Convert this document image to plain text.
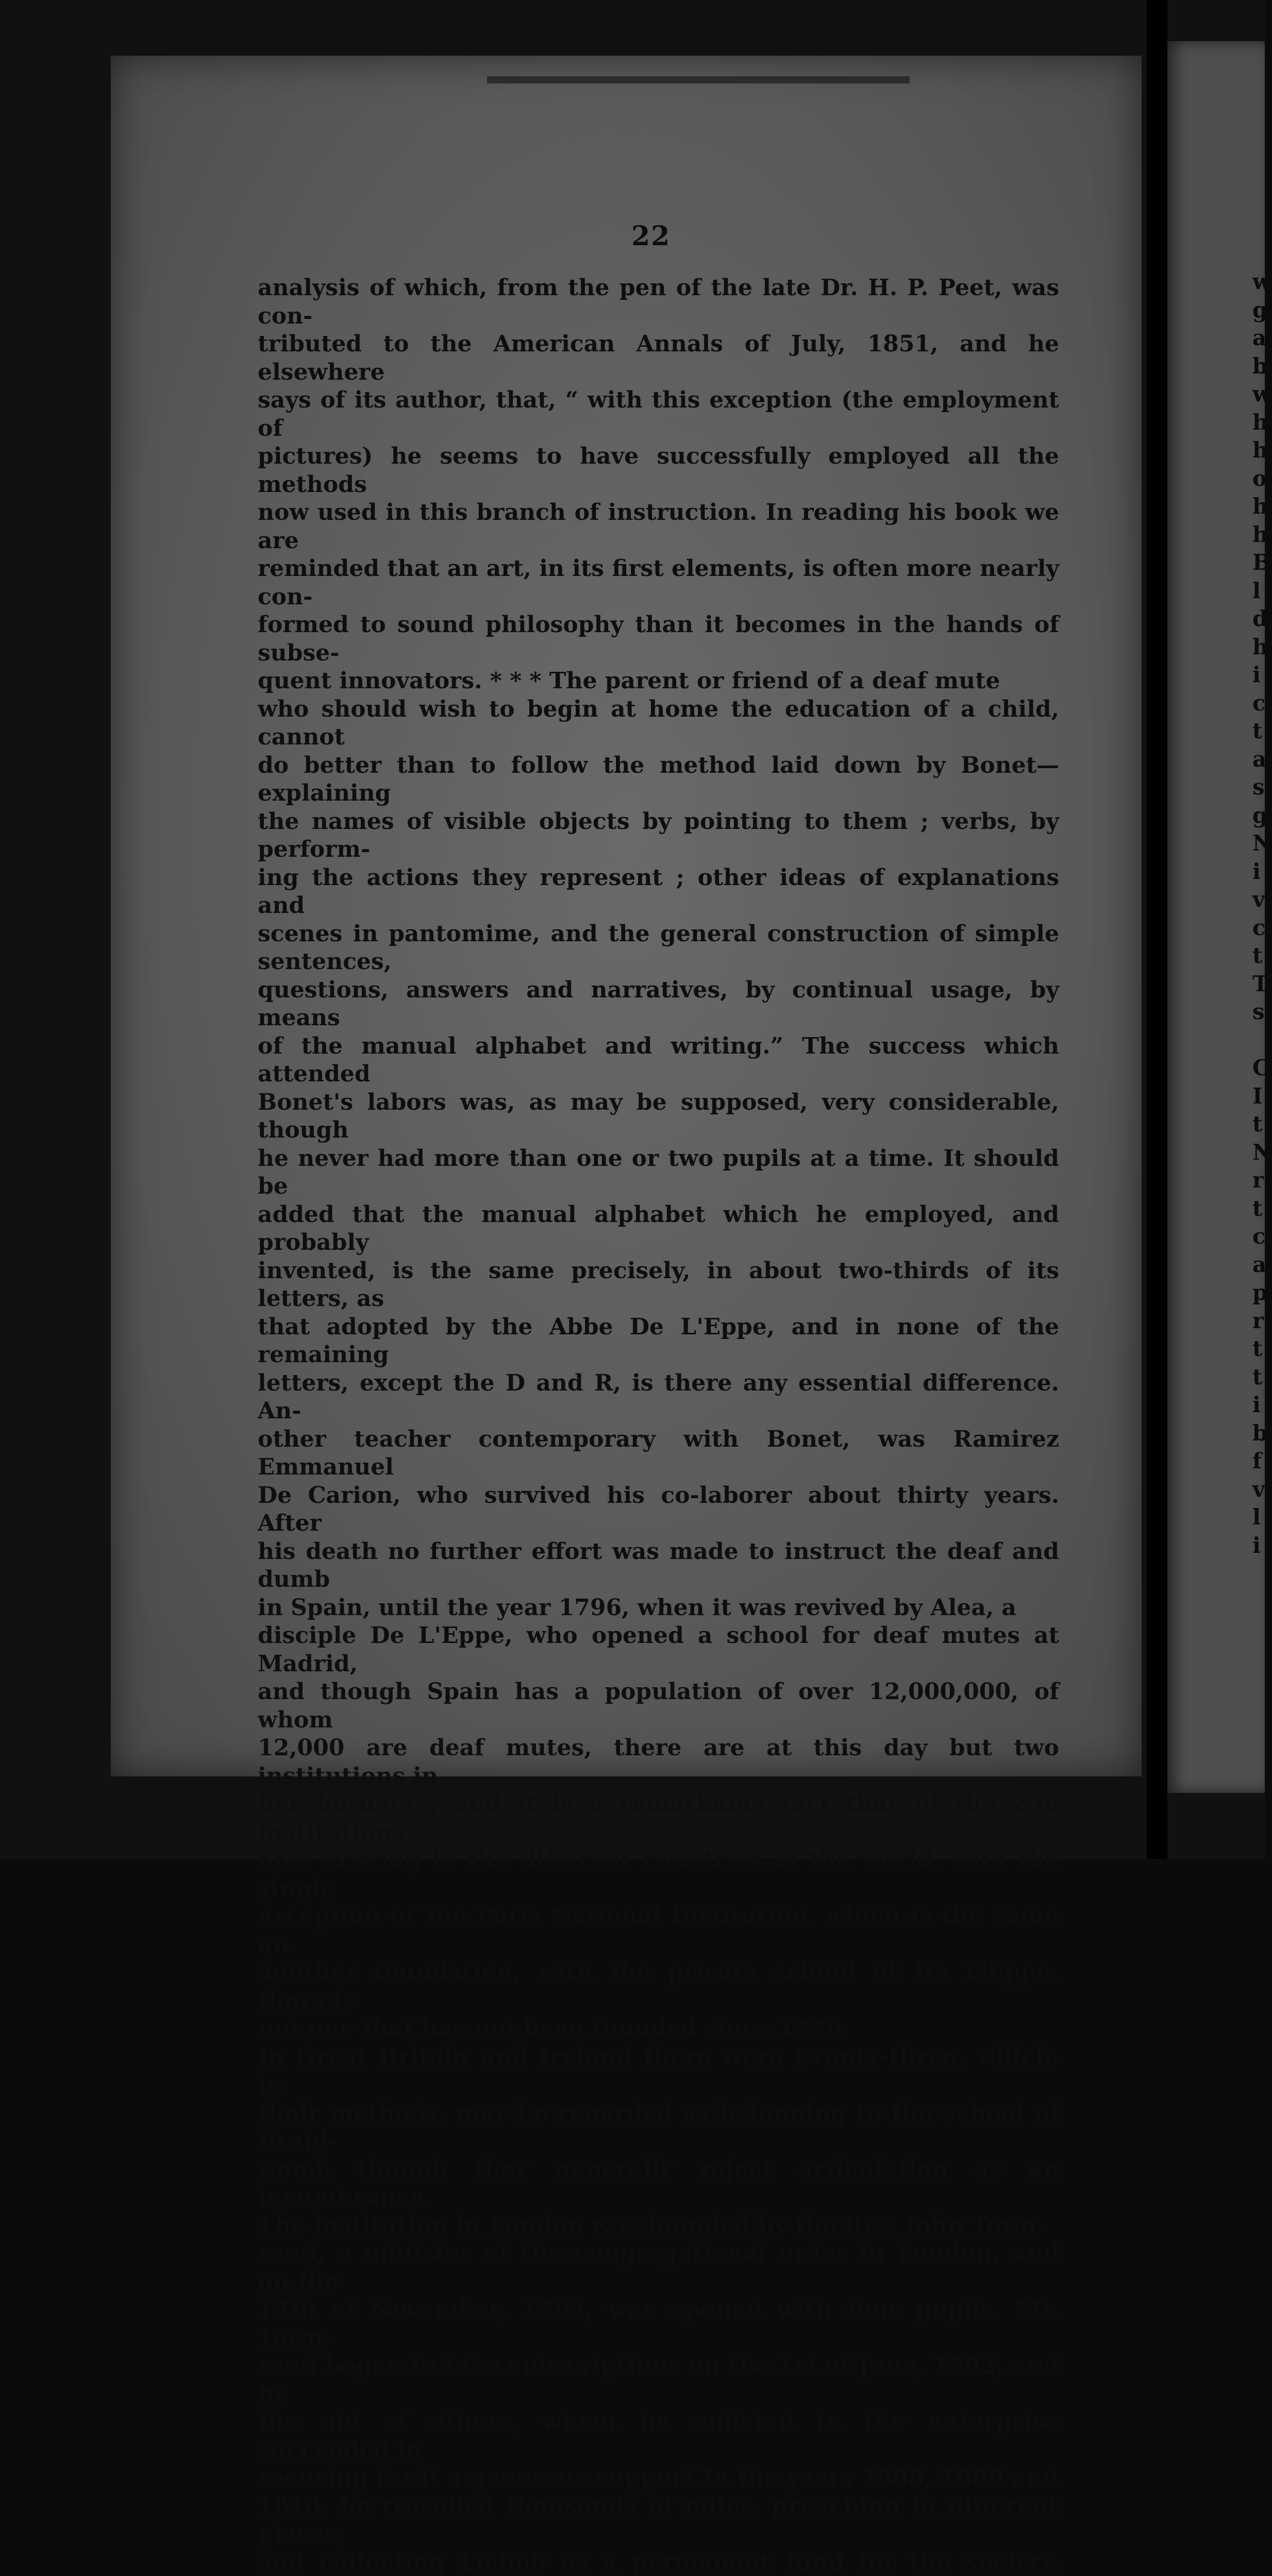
w
g
a
b
w
h
h
o
h
h
B
l
d
h
i
c
t
a
s
g
N
i
v
c
t
T
s

C
I
t
N
r
t
c
a
p
r
t
t
i
b
f
v
l
i
22

analysis of which, from the pen of the late Dr. H. P. Peet, was con-
tributed to the American Annals of July, 1851, and he elsewhere
says of its author, that, “ with this exception (the employment of
pictures) he seems to have successfully employed all the methods
now used in this branch of instruction. In reading his book we are
reminded that an art, in its first elements, is often more nearly con-
formed to sound philosophy than it becomes in the hands of subse-
quent innovators. * * * The parent or friend of a deaf mute
who should wish to begin at home the education of a child, cannot
do better than to follow the method laid down by Bonet—explaining
the names of visible objects by pointing to them ; verbs, by perform-
ing the actions they represent ; other ideas of explanations and
scenes in pantomime, and the general construction of simple sentences,
questions, answers and narratives, by continual usage, by means
of the manual alphabet and writing.” The success which attended
Bonet's labors was, as may be supposed, very considerable, though
he never had more than one or two pupils at a time. It should be
added that the manual alphabet which he employed, and probably
invented, is the same precisely, in about two-thirds of its letters, as
that adopted by the Abbe De L'Eppe, and in none of the remaining
letters, except the D and R, is there any essential difference. An-
other teacher contemporary with Bonet, was Ramirez Emmanuel
De Carion, who survived his co-laborer about thirty years. After
his death no further effort was made to instruct the deaf and dumb
in Spain, until the year 1796, when it was revived by Alea, a
disciple De L'Eppe, who opened a school for deaf mutes at Madrid,
and though Spain has a population of over 12,000,000, of whom
12,000 are deaf mutes, there are at this day but two institutions in
her borders ; and it is a remarkable fact that of the 238 institutions
now existing in the different countries of the world, with the single
exception of the Paris National Institution, which is the same on
another foundation, with the private school of De L'Eppe, there is
not one that has not been founded since 1776.

In Great Britain and Ireland there were twenty-three, which, in
their methods, may be regarded as belonging to the school of Braid-
wood, though they generally reject articulation as an incumbrance.

The institution in London was founded by the Rev. John Town-
send, a minister of the congregational order in London, and on the
14th of November, 1792, was opened with four pupils. Mr. Town-
send began to take subscriptions on the 1st of June, 1792, and by
the aid of others, whom he enlisted in the enterprise succeeded in
securing for it a generous support In the years 1808, 1809 and
1810, he travelled thousands of miles, preaching in different places,
and collecting £6,000 as a permanent fund for the society.
